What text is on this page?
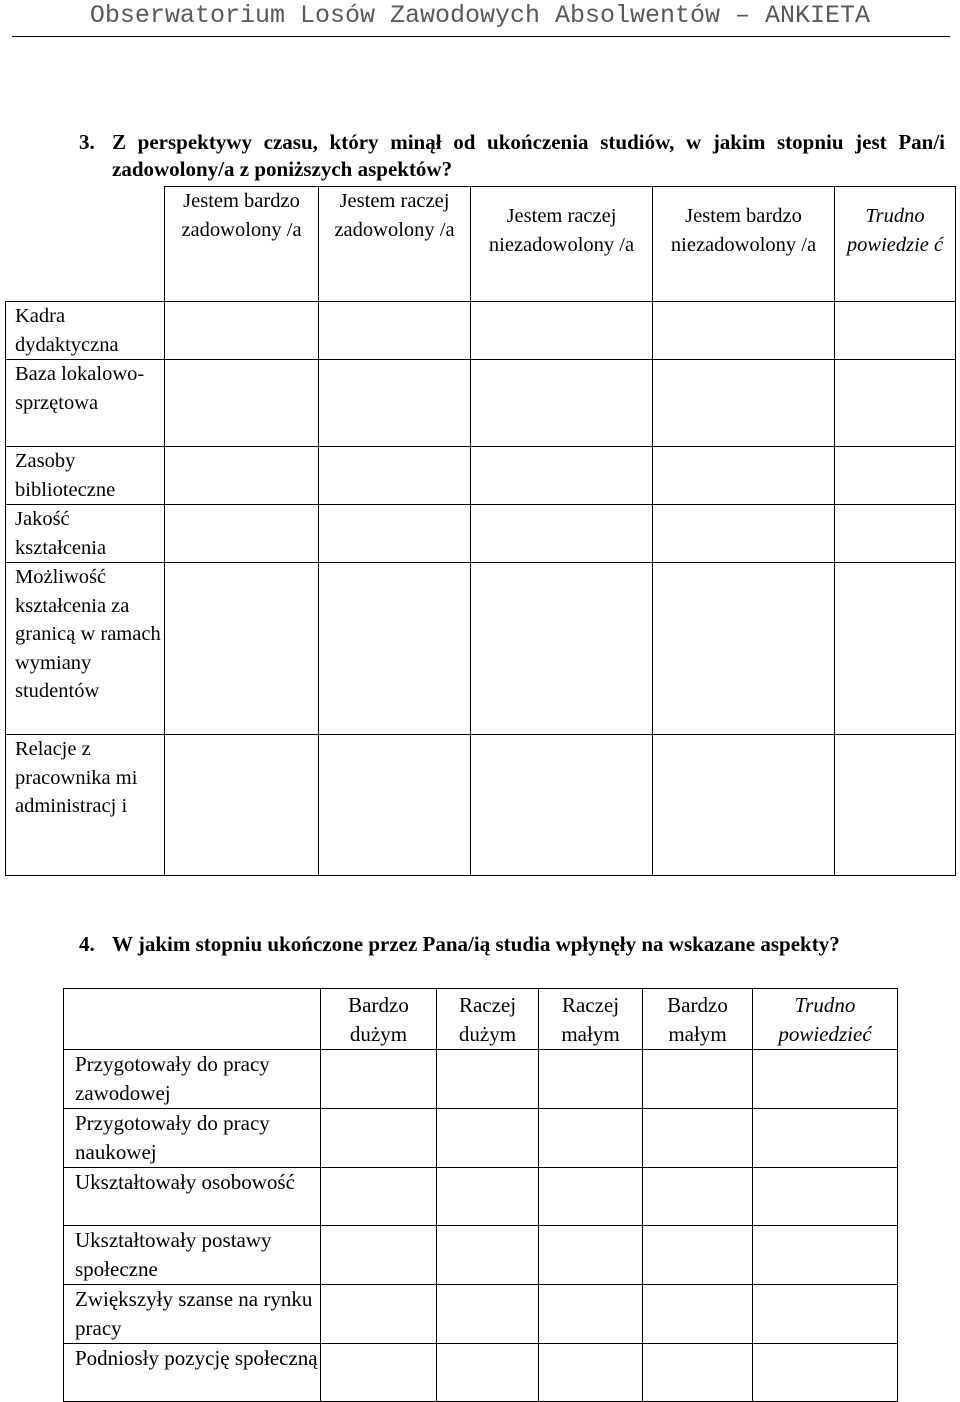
Obserwatorium Losów Zawodowych Absolwentów – ANKIETA
3. Z perspektywy czasu, który minął od ukończenia studiów, w jakim stopniu jest Pan/i zadowolony/a z poniższych aspektów?
	Jestem bardzo zadowolony /a	Jestem raczej zadowolony /a	Jestem raczej niezadowolony /a	Jestem bardzo niezadowolony /a	Trudno powiedzie ć
Kadra dydaktyczna					
Baza lokalowo-sprzętowa					
Zasoby biblioteczne					
Jakość kształcenia					
Możliwość kształcenia za granicą w ramach wymiany studentów					
Relacje z pracownika mi administracj i					
4. W jakim stopniu ukończone przez Pana/ią studia wpłynęły na wskazane aspekty?
	Bardzo dużym	Raczej dużym	Raczej małym	Bardzo małym	Trudno powiedzieć
Przygotowały do pracy zawodowej					
Przygotowały do pracy naukowej					
Ukształtowały osobowość					
Ukształtowały postawy społeczne					
Zwiększyły szanse na rynku pracy					
Podniosły pozycję społeczną					
